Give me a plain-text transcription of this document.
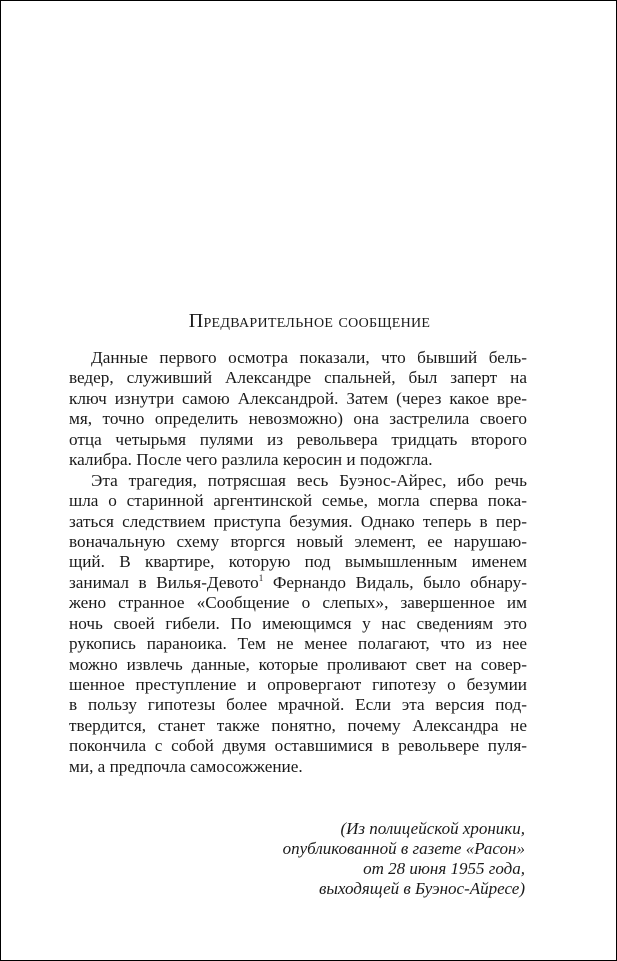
Предварительное сообщение
Данные первого осмотра показали, что бывший бель-
ведер, служивший Александре спальней, был заперт на
ключ изнутри самою Александрой. Затем (через какое вре-
мя, точно определить невозможно) она застрелила своего
отца четырьмя пулями из револьвера тридцать второго
калибра. После чего разлила керосин и подожгла.
Эта трагедия, потрясшая весь Буэнос-Айрес, ибо речь
шла о старинной аргентинской семье, могла сперва пока-
заться следствием приступа безумия. Однако теперь в пер-
воначальную схему вторгся новый элемент, ее нарушаю-
щий. В квартире, которую под вымышленным именем
занимал в Вилья-Девото$^1$ Фернандо Видаль, было обнару-
жено странное «Сообщение о слепых», завершенное им
ночь своей гибели. По имеющимся у нас сведениям это
рукопись параноика. Тем не менее полагают, что из нее
можно извлечь данные, которые проливают свет на совер-
шенное преступление и опровергают гипотезу о безумии
в пользу гипотезы более мрачной. Если эта версия под-
твердится, станет также понятно, почему Александра не
покончила с собой двумя оставшимися в револьвере пуля-
ми, а предпочла самосожжение.
(Из полицейской хроники,
опубликованной в газете «Расон»
от 28 июня 1955 года,
выходящей в Буэнос-Айресе)
